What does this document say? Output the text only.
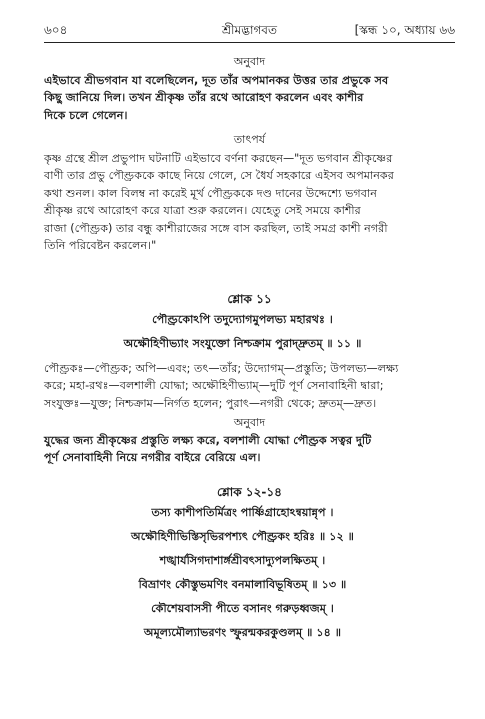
৬০৪	শ্রীমদ্ভাগবত	[স্কন্ধ ১০, অধ্যায় ৬৬
অনুবাদ
এইভাবে শ্রীভগবান যা বলেছিলেন, দূত তাঁর অপমানকর উত্তর তার প্রভুকে সব
কিছু জানিয়ে দিল। তখন শ্রীকৃষ্ণ তাঁর রথে আরোহণ করলেন এবং কাশীর
দিকে চলে গেলেন।
তাৎপর্য
কৃষ্ণ গ্রন্থে শ্রীল প্রভুপাদ ঘটনাটি এইভাবে বর্ণনা করছেন—"দূত ভগবান শ্রীকৃষ্ণের
বাণী তার প্রভু পৌণ্ড্রককে কাছে নিয়ে গেলে, সে ধৈর্য সহকারে এইসব অপমানকর
কথা শুনল। কাল বিলম্ব না করেই মূর্খ পৌণ্ড্রককে দণ্ড দানের উদ্দেশ্যে ভগবান
শ্রীকৃষ্ণ রথে আরোহণ করে যাত্রা শুরু করলেন। যেহেতু সেই সময়ে কাশীর
রাজা (পৌণ্ড্রক) তার বন্ধু কাশীরাজের সঙ্গে বাস করছিল, তাই সমগ্র কাশী নগরী
তিনি পরিবেষ্টন করলেন।"
শ্লোক ১১
পৌণ্ড্রকোঽপি তদুদ্যোগমুপলভ্য মহারথঃ ।
অক্ষৌহিণীভ্যাং সংযুক্তো নিশ্চক্রাম পুরাদ্দ্রুতম্ ॥ ১১ ॥
পৌণ্ড্রকঃ—পৌণ্ড্রক; অপি—এবং; তৎ—তাঁর; উদ্যোগম্—প্রস্তুতি; উপলভ্য—লক্ষ্য
করে; মহা-রথঃ—বলশালী যোদ্ধা; অক্ষৌহিণীভ্যাম্—দুটি পূর্ণ সেনাবাহিনী দ্বারা;
সংযুক্তঃ—যুক্ত; নিশ্চক্রাম—নির্গত হলেন; পুরাৎ—নগরী থেকে; দ্রুতম্—দ্রুত।
অনুবাদ
যুদ্ধের জন্য শ্রীকৃষ্ণের প্রস্তুতি লক্ষ্য করে, বলশালী যোদ্ধা পৌণ্ড্রক সত্বর দুটি
পূর্ণ সেনাবাহিনী নিয়ে নগরীর বাইরে বেরিয়ে এল।
শ্লোক ১২-১৪
তস্য কাশীপতির্মিত্রং পার্ষ্ণিগ্রাহোঽন্বয়ান্নৃপ ।
অক্ষৌহিণীভিস্তিসৃভিরপশ্যৎ পৌণ্ড্রকং হরিঃ ॥ ১২ ॥
শঙ্খার্যসিগদাশার্ঙ্গশ্রীবৎসাদ্যুপলক্ষিতম্ ।
বিভ্রাণং কৌস্তুভমণিং বনমালাবিভূষিতম্ ॥ ১৩ ॥
কৌশেয়বাসসী পীতে বসানং গরুড়ধ্বজম্ ।
অমূল্যমৌল্যাভরণং স্ফুরন্মকরকুণ্ডলম্ ॥ ১৪ ॥
